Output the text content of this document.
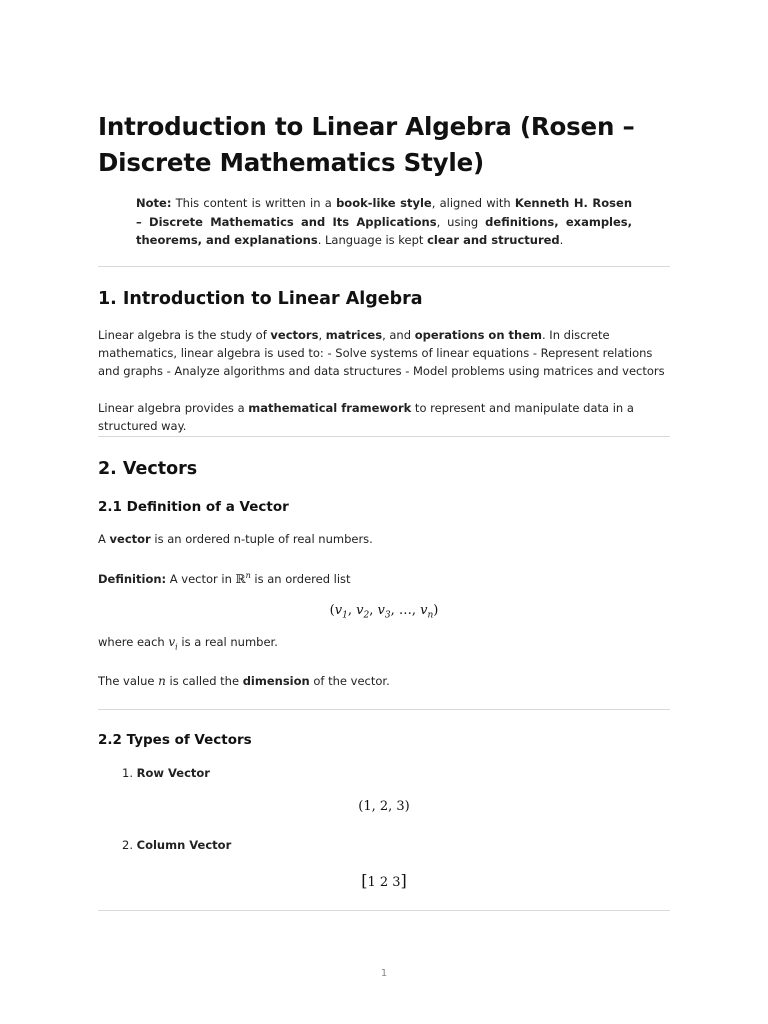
Introduction to Linear Algebra (Rosen – Discrete Mathematics Style)
Note: This content is written in a book-like style, aligned with Kenneth H. Rosen – Discrete Mathematics and Its Applications, using definitions, examples, theorems, and explanations. Language is kept clear and structured.
1. Introduction to Linear Algebra

Linear algebra is the study of vectors, matrices, and operations on them. In discrete mathematics, linear algebra is used to: - Solve systems of linear equations - Represent relations and graphs - Analyze algorithms and data structures - Model problems using matrices and vectors

Linear algebra provides a mathematical framework to represent and manipulate data in a structured way.

2. Vectors
2.1 Definition of a Vector

A vector is an ordered n-tuple of real numbers.

Definition: A vector in ℝ$^n$ is an ordered list

($v_1$, $v_2$, $v_3$, …, $v_n$)

where each $v_i$ is a real number.

The value n is called the dimension of the vector.

2.2 Types of Vectors
1. Row Vector
(1, 2, 3)
2. Column Vector
[1 2 3]
1
